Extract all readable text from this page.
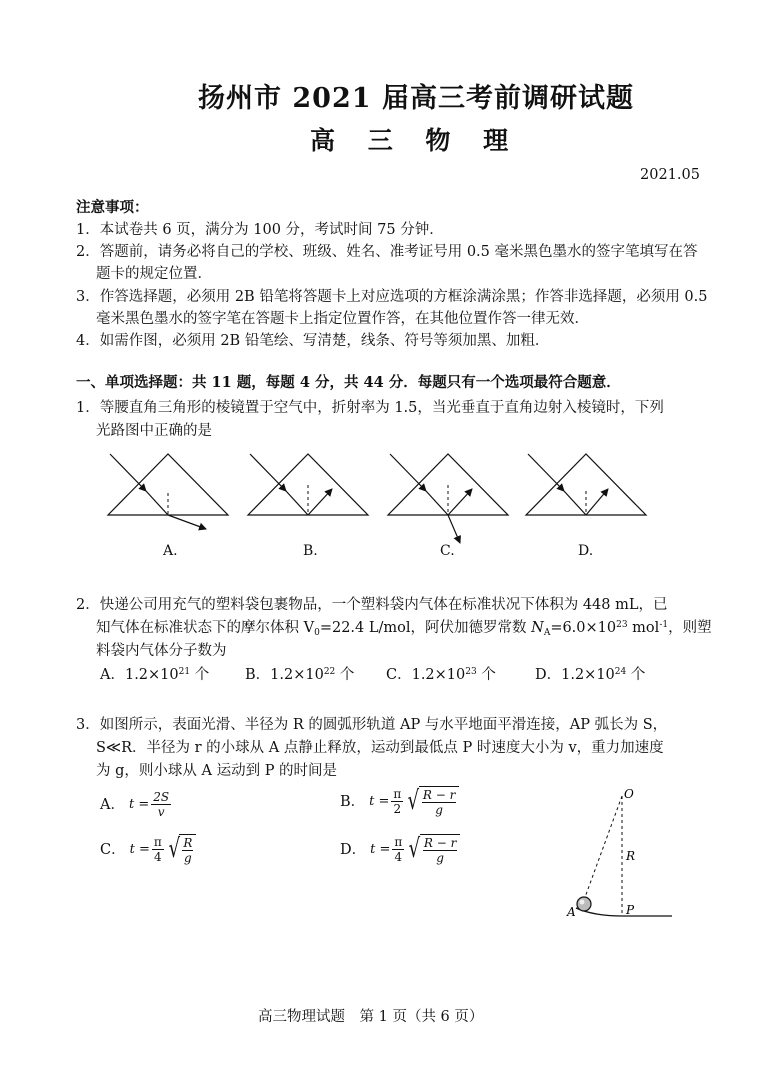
扬州市 2021 届高三考前调研试题
高 三 物 理
2021.05
注意事项：
1．本试卷共 6 页，满分为 100 分，考试时间 75 分钟．
2．答题前，请务必将自己的学校、班级、姓名、准考证号用 0.5 毫米黑色墨水的签字笔填写在答
题卡的规定位置．
3．作答选择题，必须用 2B 铅笔将答题卡上对应选项的方框涂满涂黑；作答非选择题，必须用 0.5
毫米黑色墨水的签字笔在答题卡上指定位置作答，在其他位置作答一律无效．
4．如需作图，必须用 2B 铅笔绘、写清楚，线条、符号等须加黑、加粗．
一、单项选择题：共 11 题，每题 4 分，共 44 分．每题只有一个选项最符合题意．
1．等腰直角三角形的棱镜置于空气中，折射率为 1.5，当光垂直于直角边射入棱镜时，下列
光路图中正确的是
A.	B.	C.	D.
2．快递公司用充气的塑料袋包裹物品，一个塑料袋内气体在标准状况下体积为 448 mL，已
知气体在标准状态下的摩尔体积 $V_0=22.4$ L/mol，阿伏加德罗常数 $N_A=6.0\times 10^{23}$ mol$^{-1}$，则塑
料袋内气体分子数为
A．$1.2\times 10^{21}$ 个 B．$1.2\times 10^{22}$ 个 C．$1.2\times 10^{23}$ 个	D．$1.2\times 10^{24}$ 个
3．如图所示，表面光滑、半径为 R 的圆弧形轨道 AP 与水平地面平滑连接，AP 弧长为 S，
S≪R．半径为 r 的小球从 A 点静止释放，运动到最低点 P 时速度大小为 v，重力加速度
为 g，则小球从 A 运动到 P 的时间是
A． $t = \frac{2S}{v}$	B． $t = \frac{\pi}{2}$ √ R − r
g
C． $t = \frac{\pi}{4}$ √ R
g
D． $t = \frac{\pi}{4}$ √ R − r
g
O
R
A	P
高三物理试题　第 1 页（共 6 页）
